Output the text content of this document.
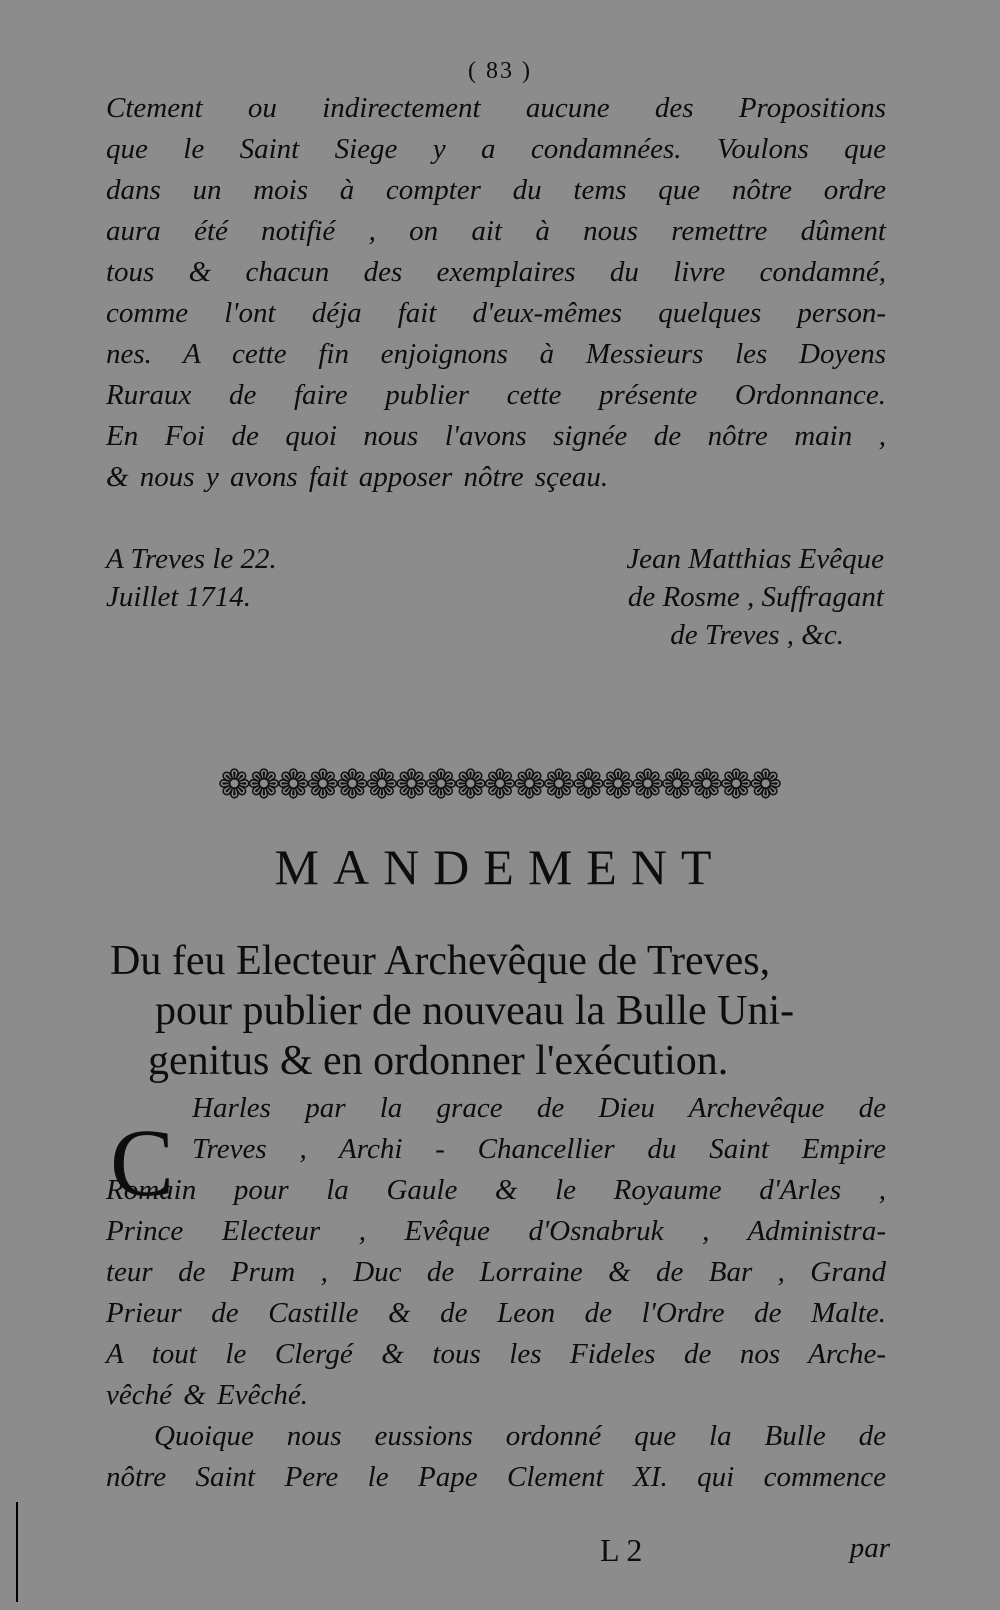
( 83 )
Ctement ou indirectement aucune des Propositions
que le Saint Siege y a condamnées. Voulons que
dans un mois à compter du tems que nôtre ordre
aura été notifié , on ait à nous remettre dûment
tous & chacun des exemplaires du livre condamné,
comme l'ont déja fait d'eux-mêmes quelques person-
nes. A cette fin enjoignons à Messieurs les Doyens
Ruraux de faire publier cette présente Ordonnance.
En Foi de quoi nous l'avons signée de nôtre main ,
& nous y avons fait apposer nôtre sçeau.
A Treves le 22.
Juillet 1714.
Jean Matthias Evêque
de Rosme , Suffragant
de Treves , &c.
❁❁❁❁❁❁❁❁❁❁❁❁❁❁❁❁❁❁❁
MANDEMENT
Du feu Electeur Archevêque de Treves,
pour publier de nouveau la Bulle Uni-
genitus & en ordonner l'exécution.
C
Harles par la grace de Dieu Archevêque de
Treves , Archi - Chancellier du Saint Empire
Romain pour la Gaule & le Royaume d'Arles ,
Prince Electeur , Evêque d'Osnabruk , Administra-
teur de Prum , Duc de Lorraine & de Bar , Grand
Prieur de Castille & de Leon de l'Ordre de Malte.
A tout le Clergé & tous les Fideles de nos Arche-
vêché & Evêché.
Quoique nous eussions ordonné que la Bulle de
nôtre Saint Pere le Pape Clement XI. qui commence
L 2	par
